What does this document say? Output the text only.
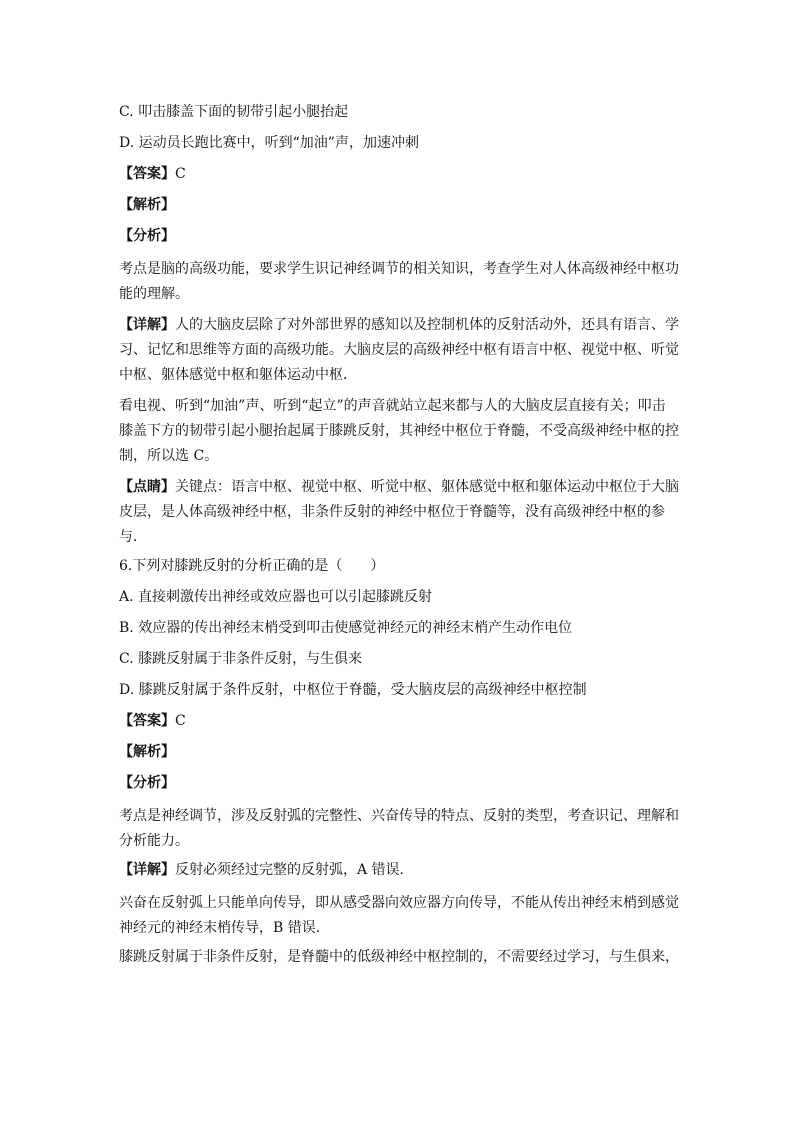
C. 叩击膝盖下面的韧带引起小腿抬起
D. 运动员长跑比赛中，听到“加油”声，加速冲刺
【答案】C
【解析】
【分析】
考点是脑的高级功能，要求学生识记神经调节的相关知识，考查学生对人体高级神经中枢功能的理解。
【详解】人的大脑皮层除了对外部世界的感知以及控制机体的反射活动外，还具有语言、学习、记忆和思维等方面的高级功能。大脑皮层的高级神经中枢有语言中枢、视觉中枢、听觉中枢、躯体感觉中枢和躯体运动中枢．
看电视、听到“加油”声、听到“起立”的声音就站立起来都与人的大脑皮层直接有关；叩击膝盖下方的韧带引起小腿抬起属于膝跳反射，其神经中枢位于脊髓，不受高级神经中枢的控制，所以选 C。
【点睛】关键点：语言中枢、视觉中枢、听觉中枢、躯体感觉中枢和躯体运动中枢位于大脑皮层，是人体高级神经中枢，非条件反射的神经中枢位于脊髓等，没有高级神经中枢的参与．
6.下列对膝跳反射的分析正确的是（　　）
A. 直接刺激传出神经或效应器也可以引起膝跳反射
B. 效应器的传出神经末梢受到叩击使感觉神经元的神经末梢产生动作电位
C. 膝跳反射属于非条件反射，与生俱来
D. 膝跳反射属于条件反射，中枢位于脊髓，受大脑皮层的高级神经中枢控制
【答案】C
【解析】
【分析】
考点是神经调节，涉及反射弧的完整性、兴奋传导的特点、反射的类型，考查识记、理解和分析能力。
【详解】反射必须经过完整的反射弧，A 错误.
兴奋在反射弧上只能单向传导，即从感受器向效应器方向传导，不能从传出神经末梢到感觉神经元的神经末梢传导，B 错误.
膝跳反射属于非条件反射，是脊髓中的低级神经中枢控制的，不需要经过学习，与生俱来，
